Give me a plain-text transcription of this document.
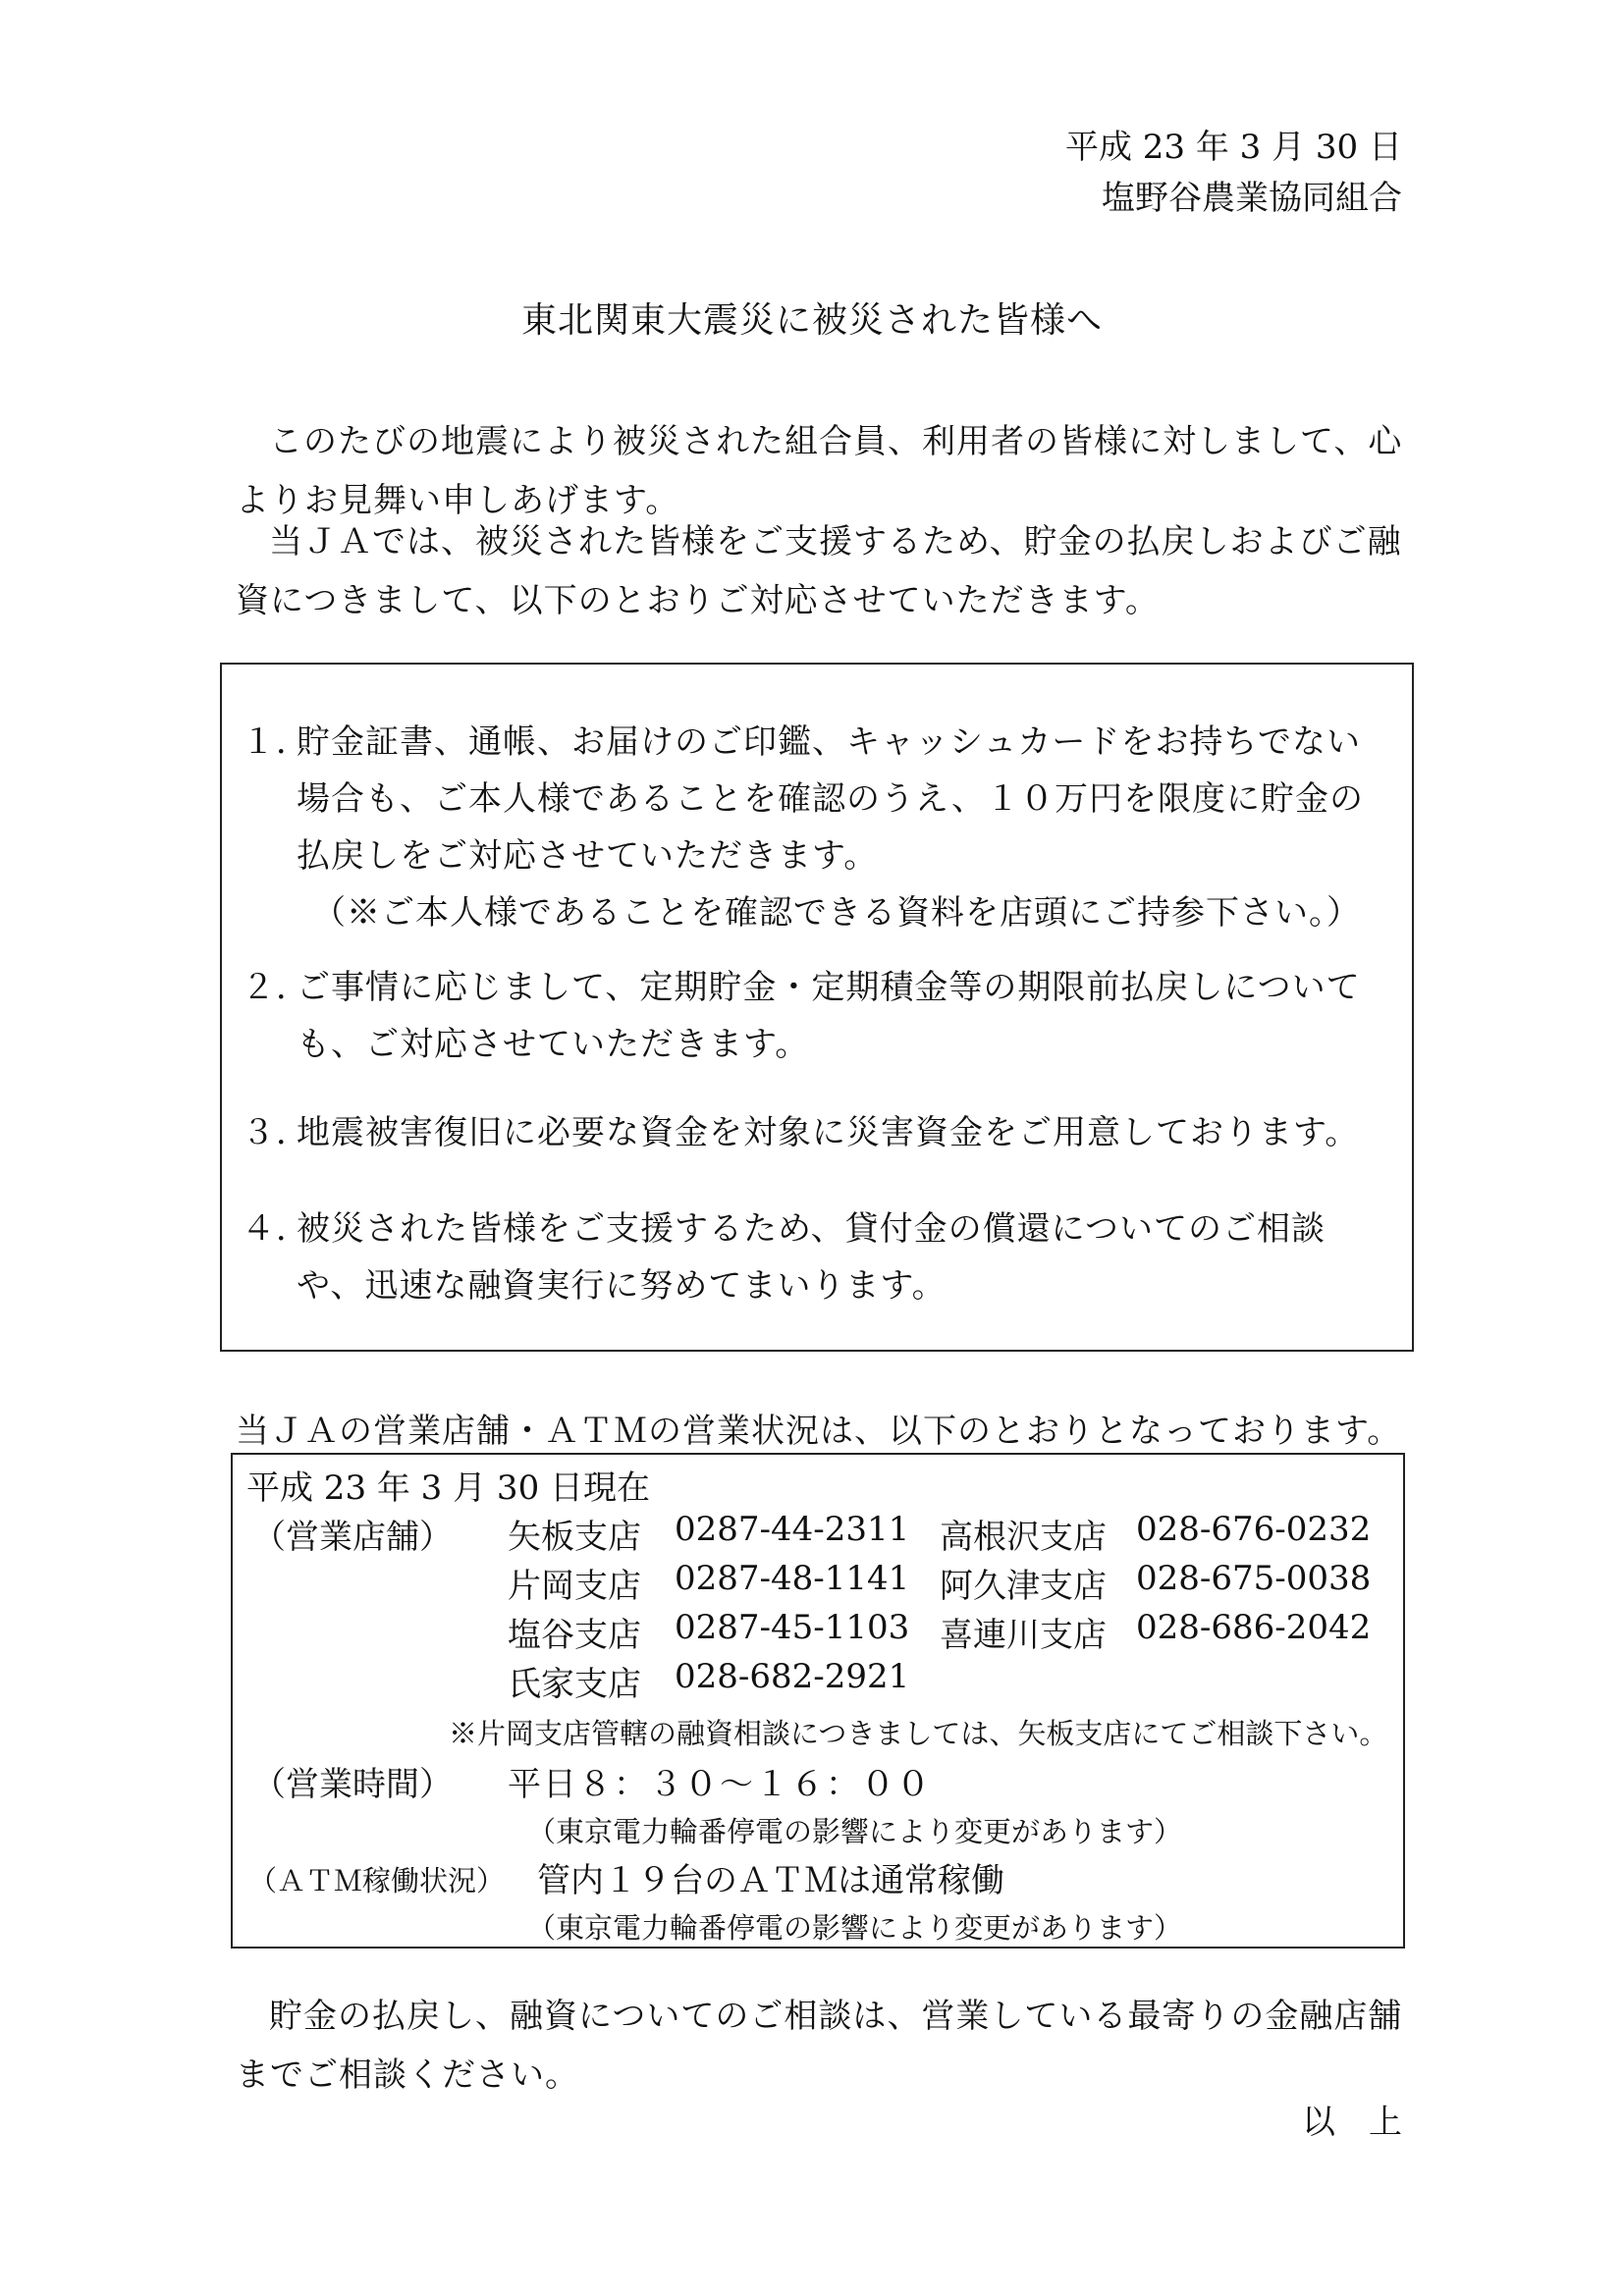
平成 23 年 3 月 30 日
塩野谷農業協同組合
東北関東大震災に被災された皆様へ
このたびの地震により被災された組合員、利用者の皆様に対しまして、心よりお見舞い申しあげます。
当ＪＡでは、被災された皆様をご支援するため、貯金の払戻しおよびご融資につきまして、以下のとおりご対応させていただきます。
１．
貯金証書、通帳、お届けのご印鑑、キャッシュカードをお持ちでない場合も、ご本人様であることを確認のうえ、１０万円を限度に貯金の払戻しをご対応させていただきます。
（※ご本人様であることを確認できる資料を店頭にご持参下さい。）
２．
ご事情に応じまして、定期貯金・定期積金等の期限前払戻しについても、ご対応させていただきます。
３．
地震被害復旧に必要な資金を対象に災害資金をご用意しております。
４．
被災された皆様をご支援するため、貸付金の償還についてのご相談や、迅速な融資実行に努めてまいります。
当ＪＡの営業店舗・ＡＴＭの営業状況は、以下のとおりとなっております。
平成 23 年 3 月 30 日現在
（営業店舗） 矢板支店 0287-44-2311 高根沢支店 028-676-0232
片岡支店 0287-48-1141 阿久津支店 028-675-0038
塩谷支店 0287-45-1103 喜連川支店 028-686-2042
氏家支店 028-682-2921
※片岡支店管轄の融資相談につきましては、矢板支店にてご相談下さい。
（営業時間） 平日８：３０～１６：００
（東京電力輪番停電の影響により変更があります）
（ＡＴＭ稼働状況） 管内１９台のＡＴＭは通常稼働
（東京電力輪番停電の影響により変更があります）
貯金の払戻し、融資についてのご相談は、営業している最寄りの金融店舗までご相談ください。
以　上
